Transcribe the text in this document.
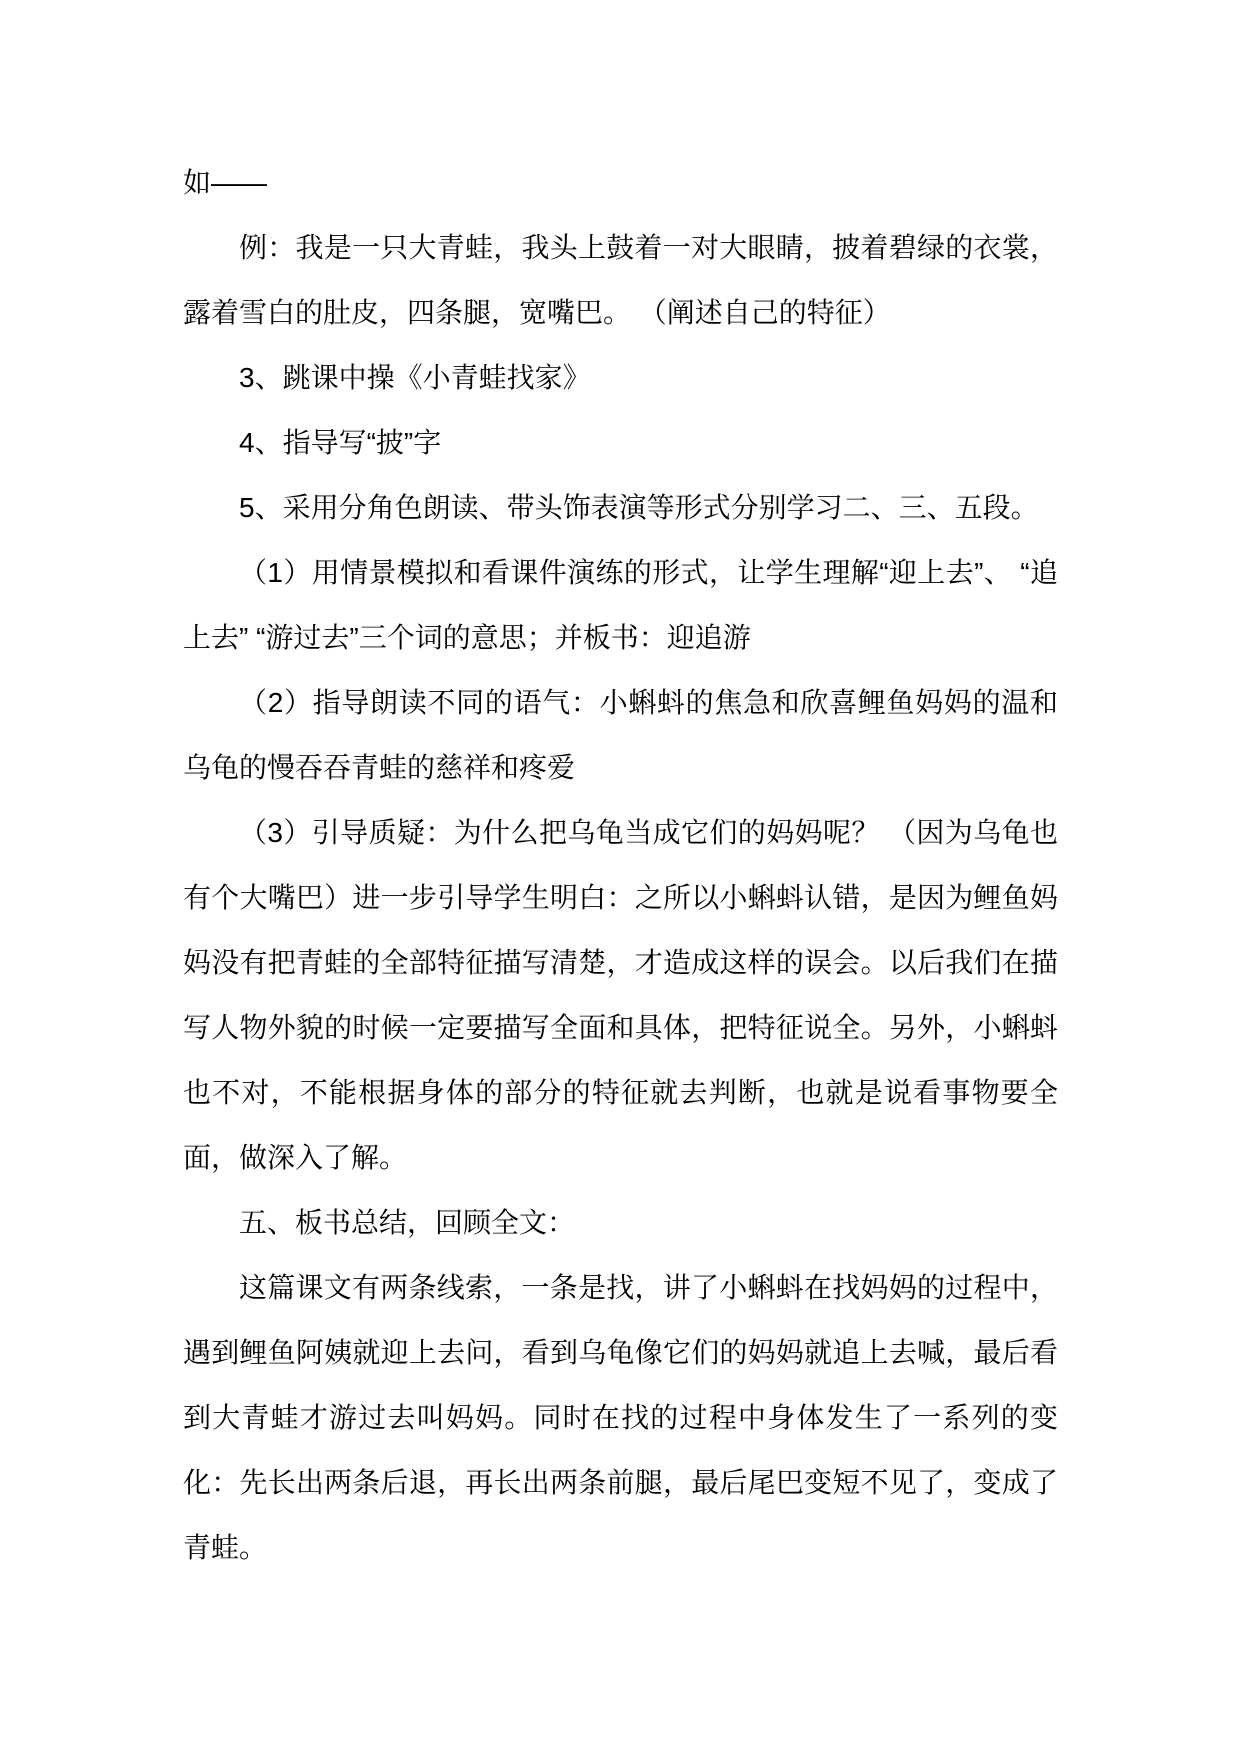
如——

例：我是一只大青蛙，我头上鼓着一对大眼睛，披着碧绿的衣裳，露着雪白的肚皮，四条腿，宽嘴巴。 （阐述自己的特征）

3、跳课中操《小青蛙找家》

4、指导写“披”字

5、采用分角色朗读、带头饰表演等形式分别学习二、三、五段。

（1）用情景模拟和看课件演练的形式，让学生理解“迎上去”、 “追上去” “游过去”三个词的意思；并板书：迎追游

（2）指导朗读不同的语气：小蝌蚪的焦急和欣喜鲤鱼妈妈的温和乌龟的慢吞吞青蛙的慈祥和疼爱

（3）引导质疑：为什么把乌龟当成它们的妈妈呢？ （因为乌龟也有个大嘴巴）进一步引导学生明白：之所以小蝌蚪认错，是因为鲤鱼妈妈没有把青蛙的全部特征描写清楚，才造成这样的误会。以后我们在描写人物外貌的时候一定要描写全面和具体，把特征说全。另外，小蝌蚪也不对，不能根据身体的部分的特征就去判断，也就是说看事物要全面，做深入了解。

五、板书总结，回顾全文：

这篇课文有两条线索，一条是找，讲了小蝌蚪在找妈妈的过程中，遇到鲤鱼阿姨就迎上去问，看到乌龟像它们的妈妈就追上去喊，最后看到大青蛙才游过去叫妈妈。同时在找的过程中身体发生了一系列的变化：先长出两条后退，再长出两条前腿，最后尾巴变短不见了，变成了青蛙。
